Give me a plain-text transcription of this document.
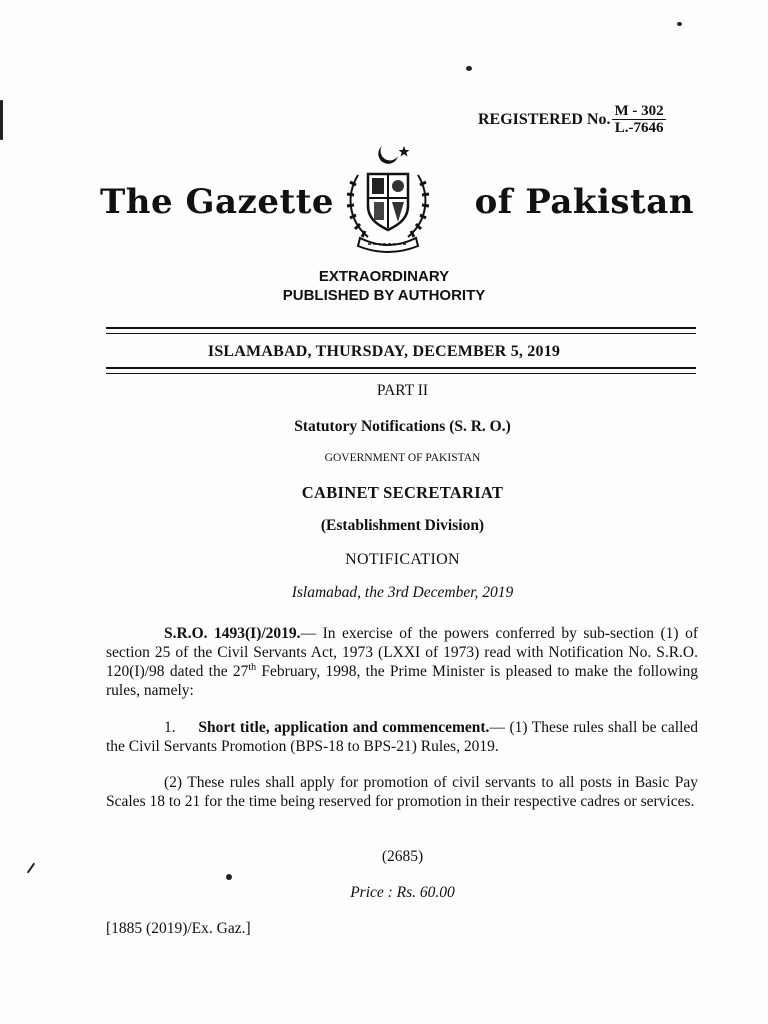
REGISTERED No. $\frac{M - 302}{L.-7646}$
The Gazette	of Pakistan
EXTRAORDINARY
PUBLISHED BY AUTHORITY
ISLAMABAD, THURSDAY, DECEMBER 5, 2019
PART II
Statutory Notifications (S. R. O.)
GOVERNMENT OF PAKISTAN
CABINET SECRETARIAT
(Establishment Division)
NOTIFICATION
Islamabad, the 3rd December, 2019
S.R.O. 1493(I)/2019.— In exercise of the powers conferred by sub-section (1) of section 25 of the Civil Servants Act, 1973 (LXXI of 1973) read with Notification No. S.R.O. 120(I)/98 dated the 27th February, 1998, the Prime Minister is pleased to make the following rules, namely:
1. Short title, application and commencement.— (1) These rules shall be called the Civil Servants Promotion (BPS-18 to BPS-21) Rules, 2019.
(2) These rules shall apply for promotion of civil servants to all posts in Basic Pay Scales 18 to 21 for the time being reserved for promotion in their respective cadres or services.
(2685)
Price : Rs. 60.00
[1885 (2019)/Ex. Gaz.]
